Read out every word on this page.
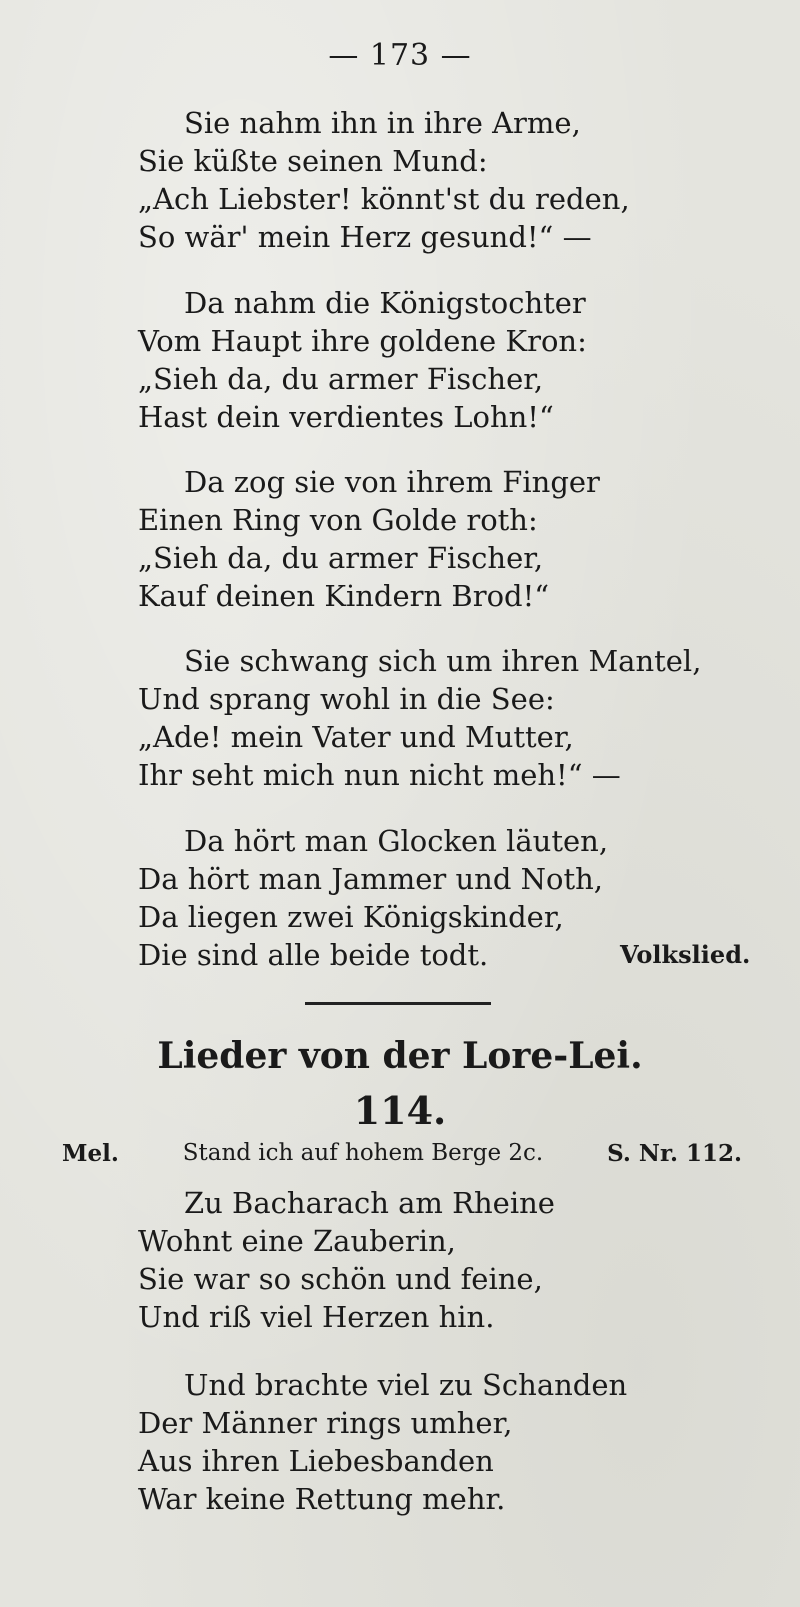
— 173 —
Sie nahm ihn in ihre Arme,
Sie küßte seinen Mund:
„Ach Liebster! könnt'st du reden,
So wär' mein Herz gesund!“ —
Da nahm die Königstochter
Vom Haupt ihre goldene Kron:
„Sieh da, du armer Fischer,
Hast dein verdientes Lohn!“
Da zog sie von ihrem Finger
Einen Ring von Golde roth:
„Sieh da, du armer Fischer,
Kauf deinen Kindern Brod!“
Sie schwang sich um ihren Mantel,
Und sprang wohl in die See:
„Ade! mein Vater und Mutter,
Ihr seht mich nun nicht meh!“ —
Da hört man Glocken läuten,
Da hört man Jammer und Noth,
Da liegen zwei Königskinder,
Die sind alle beide todt.	Volkslied.
Lieder von der Lore-Lei.
114.
Mel.	Stand ich auf hohem Berge 2c.	S. Nr. 112.
Zu Bacharach am Rheine
Wohnt eine Zauberin,
Sie war so schön und feine,
Und riß viel Herzen hin.
Und brachte viel zu Schanden
Der Männer rings umher,
Aus ihren Liebesbanden
War keine Rettung mehr.
